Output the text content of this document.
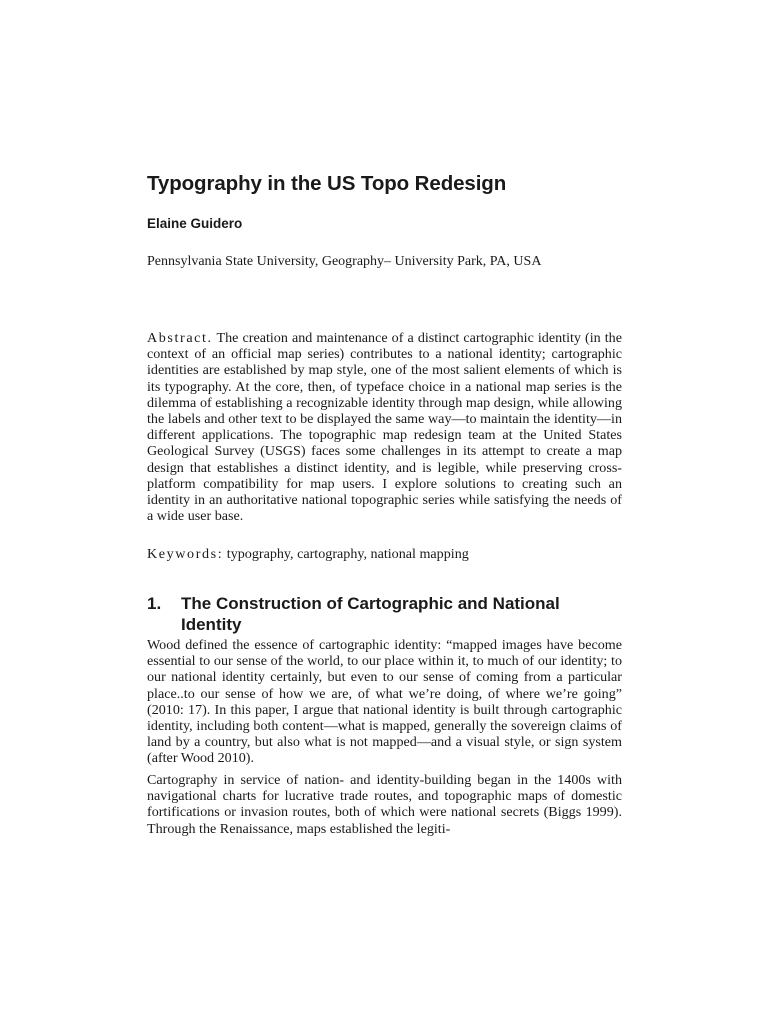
Typography in the US Topo Redesign

Elaine Guidero

Pennsylvania State University, Geography– University Park, PA, USA

Abstract. The creation and maintenance of a distinct cartographic identity (in the context of an official map series) contributes to a national identity; cartographic identities are established by map style, one of the most salient elements of which is its typography. At the core, then, of typeface choice in a national map series is the dilemma of establishing a recognizable identity through map design, while allowing the labels and other text to be displayed the same way—to maintain the identity—in different applications. The topographic map redesign team at the United States Geological Survey (USGS) faces some challenges in its attempt to create a map design that establishes a distinct identity, and is legible, while preserving cross-platform compatibility for map users. I explore solutions to creating such an identity in an authoritative national topographic series while satisfying the needs of a wide user base.

Keywords: typography, cartography, national mapping

1.	The Construction of Cartographic and National Identity

Wood defined the essence of cartographic identity: “mapped images have become essential to our sense of the world, to our place within it, to much of our identity; to our national identity certainly, but even to our sense of coming from a particular place..to our sense of how we are, of what we’re doing, of where we’re going” (2010: 17). In this paper, I argue that national identity is built through cartographic identity, including both content—what is mapped, generally the sovereign claims of land by a country, but also what is not mapped—and a visual style, or sign system (after Wood 2010).

Cartography in service of nation- and identity-building began in the 1400s with navigational charts for lucrative trade routes, and topographic maps of domestic fortifications or invasion routes, both of which were national secrets (Biggs 1999). Through the Renaissance, maps established the legiti-
